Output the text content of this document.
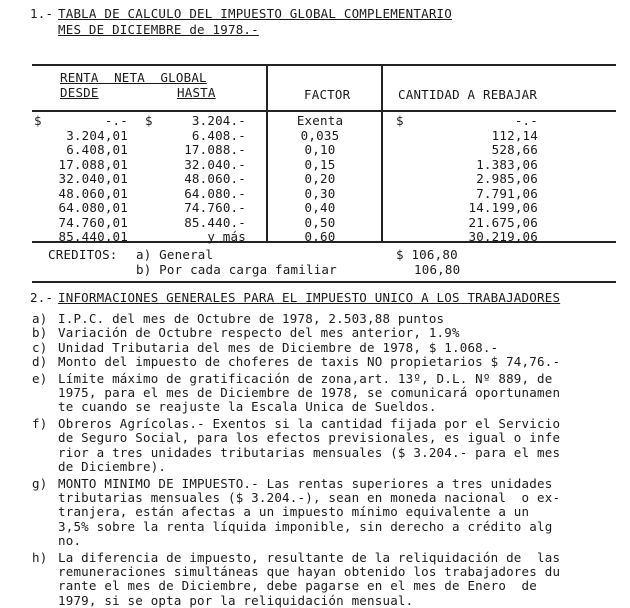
1.- TABLA DE CALCULO DEL IMPUESTO GLOBAL COMPLEMENTARIO
MES DE DICIEMBRE de 1978.-
RENTA  NETA  GLOBAL
DESDE	HASTA	FACTOR	CANTIDAD A REBAJAR
$	-.- $	3.204.-	Exenta	$	-.-
3.204,01	6.408.-	0,035	112,14
6.408,01	17.088.-	0,10	528,66
17.088,01	32.040.-	0,15	1.383,06
32.040,01	48.060.-	0,20	2.985,06
48.060,01	64.080.-	0,30	7.791,06
64.080,01	74.760.-	0,40	14.199,06
74.760,01	85.440.-	0,50	21.675,06
85.440,01	y más	0,60	30.219,06
CREDITOS: a) General	$ 106,80
b) Por cada carga familiar	106,80
2.- INFORMACIONES GENERALES PARA EL IMPUESTO UNICO A LOS TRABAJADORES
a) I.P.C. del mes de Octubre de 1978, 2.503,88 puntos
b) Variación de Octubre respecto del mes anterior, 1.9%
c) Unidad Tributaria del mes de Diciembre de 1978, $ 1.068.-
d) Monto del impuesto de choferes de taxis NO propietarios $ 74,76.-
e) Límite máximo de gratificación de zona,art. 13º, D.L. Nº 889, de
1975, para el mes de Diciembre de 1978, se comunicará oportunamen
te cuando se reajuste la Escala Unica de Sueldos.
f) Obreros Agrícolas.- Exentos si la cantidad fijada por el Servicio
de Seguro Social, para los efectos previsionales, es igual o infe
rior a tres unidades tributarias mensuales ($ 3.204.- para el mes
de Diciembre).
g) MONTO MINIMO DE IMPUESTO.- Las rentas superiores a tres unidades
tributarias mensuales ($ 3.204.-), sean en moneda nacional  o ex-
tranjera, están afectas a un impuesto mínimo equivalente a un
3,5% sobre la renta líquida imponible, sin derecho a crédito alg
no.
h) La diferencia de impuesto, resultante de la reliquidación de  las
remuneraciones simultáneas que hayan obtenido los trabajadores du
rante el mes de Diciembre, debe pagarse en el mes de Enero  de
1979, si se opta por la reliquidación mensual.
